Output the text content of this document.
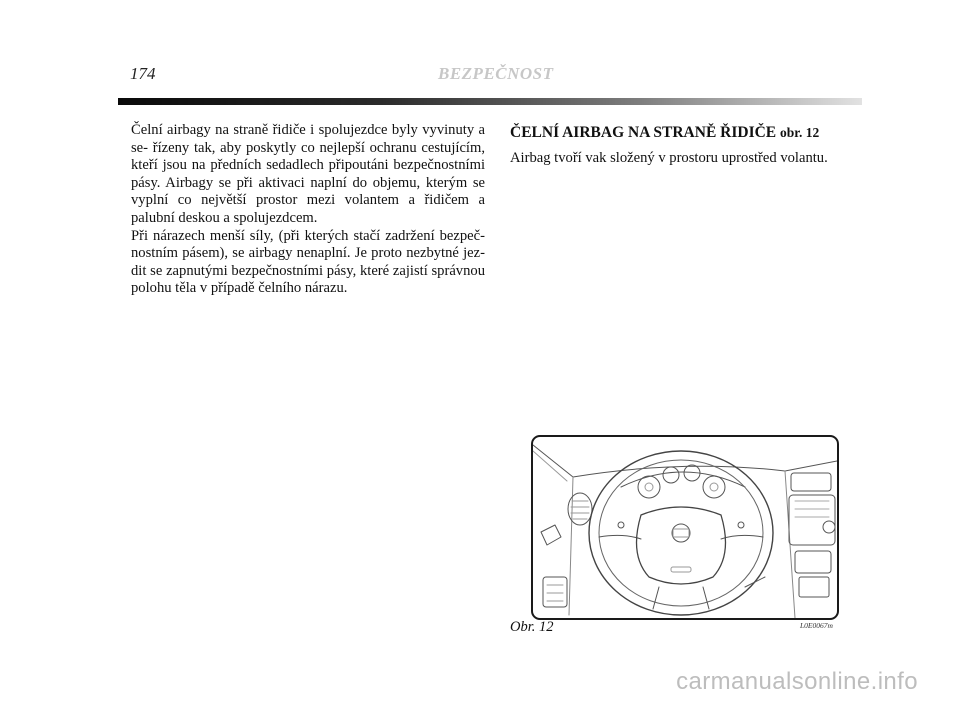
174	BEZPEČNOST

Čelní airbagy na straně řidiče i spolujezdce byly vyvinuty a se- řízeny tak, aby poskytly co nejlepší ochranu cestujícím, kteří jsou na předních sedadlech připoutáni bezpečnostními pásy. Airbagy se při aktivaci naplní do objemu, kterým se vyplní co největší prostor mezi volantem a řidičem a palubní deskou a spolujezdcem.

Při nárazech menší síly, (při kterých stačí zadržení bezpeč- nostním pásem), se airbagy nenaplní. Je proto nezbytné jez- dit se zapnutými bezpečnostními pásy, které zajistí správnou polohu těla v případě čelního nárazu.

ČELNÍ AIRBAG NA STRANĚ ŘIDIČE obr. 12
Airbag tvoří vak složený v prostoru uprostřed volantu.
Obr. 12	L0E0067m
carmanualsonline.info
